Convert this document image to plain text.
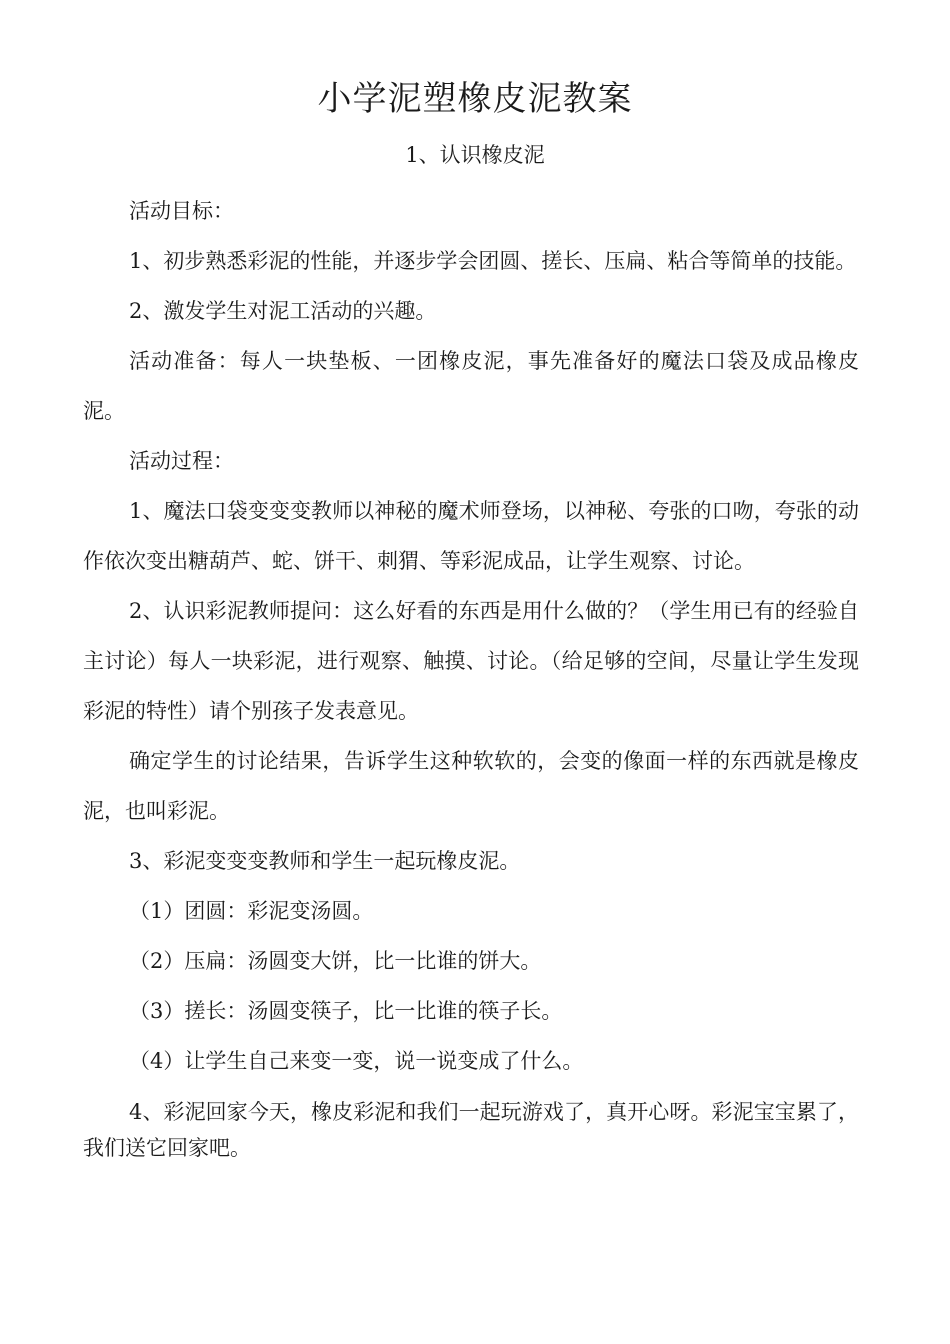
小学泥塑橡皮泥教案
1、认识橡皮泥

活动目标：

1、初步熟悉彩泥的性能，并逐步学会团圆、搓长、压扁、粘合等简单的技能。

2、激发学生对泥工活动的兴趣。

活动准备：每人一块垫板、一团橡皮泥，事先准备好的魔法口袋及成品橡皮泥。

活动过程：

1、魔法口袋变变变教师以神秘的魔术师登场，以神秘、夸张的口吻，夸张的动作依次变出糖葫芦、蛇、饼干、刺猬、等彩泥成品，让学生观察、讨论。

2、认识彩泥教师提问：这么好看的东西是用什么做的？（学生用已有的经验自主讨论）每人一块彩泥，进行观察、触摸、讨论。（给足够的空间，尽量让学生发现彩泥的特性）请个别孩子发表意见。

确定学生的讨论结果，告诉学生这种软软的，会变的像面一样的东西就是橡皮泥，也叫彩泥。

3、彩泥变变变教师和学生一起玩橡皮泥。

（1）团圆：彩泥变汤圆。

（2）压扁：汤圆变大饼，比一比谁的饼大。

（3）搓长：汤圆变筷子，比一比谁的筷子长。

（4）让学生自己来变一变，说一说变成了什么。

4、彩泥回家今天，橡皮彩泥和我们一起玩游戏了，真开心呀。彩泥宝宝累了，我们送它回家吧。
